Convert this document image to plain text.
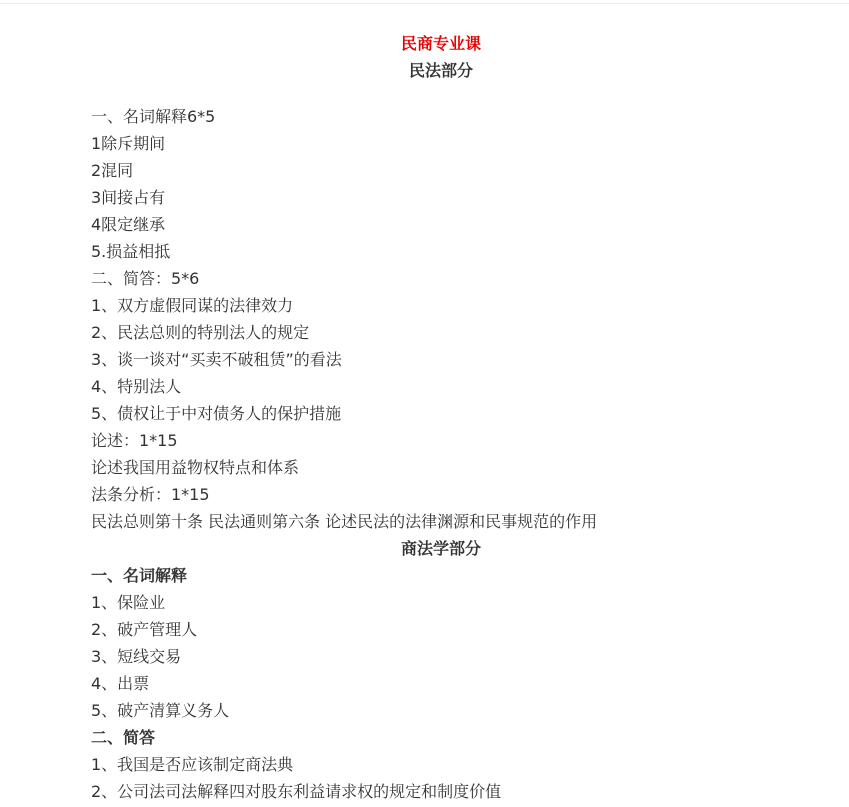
民商专业课
民法部分
一、名词解释6*5
1除斥期间
2混同
3间接占有
4限定继承
5.损益相抵
二、简答：5*6
1、双方虚假同谋的法律效力
2、民法总则的特别法人的规定
3、谈一谈对“买卖不破租赁”的看法
4、特别法人
5、债权让于中对债务人的保护措施
论述：1*15
论述我国用益物权特点和体系
法条分析：1*15
民法总则第十条 民法通则第六条 论述民法的法律渊源和民事规范的作用
商法学部分
一、名词解释
1、保险业
2、破产管理人
3、短线交易
4、出票
5、破产清算义务人
二、简答
1、我国是否应该制定商法典
2、公司法司法解释四对股东利益请求权的规定和制度价值
